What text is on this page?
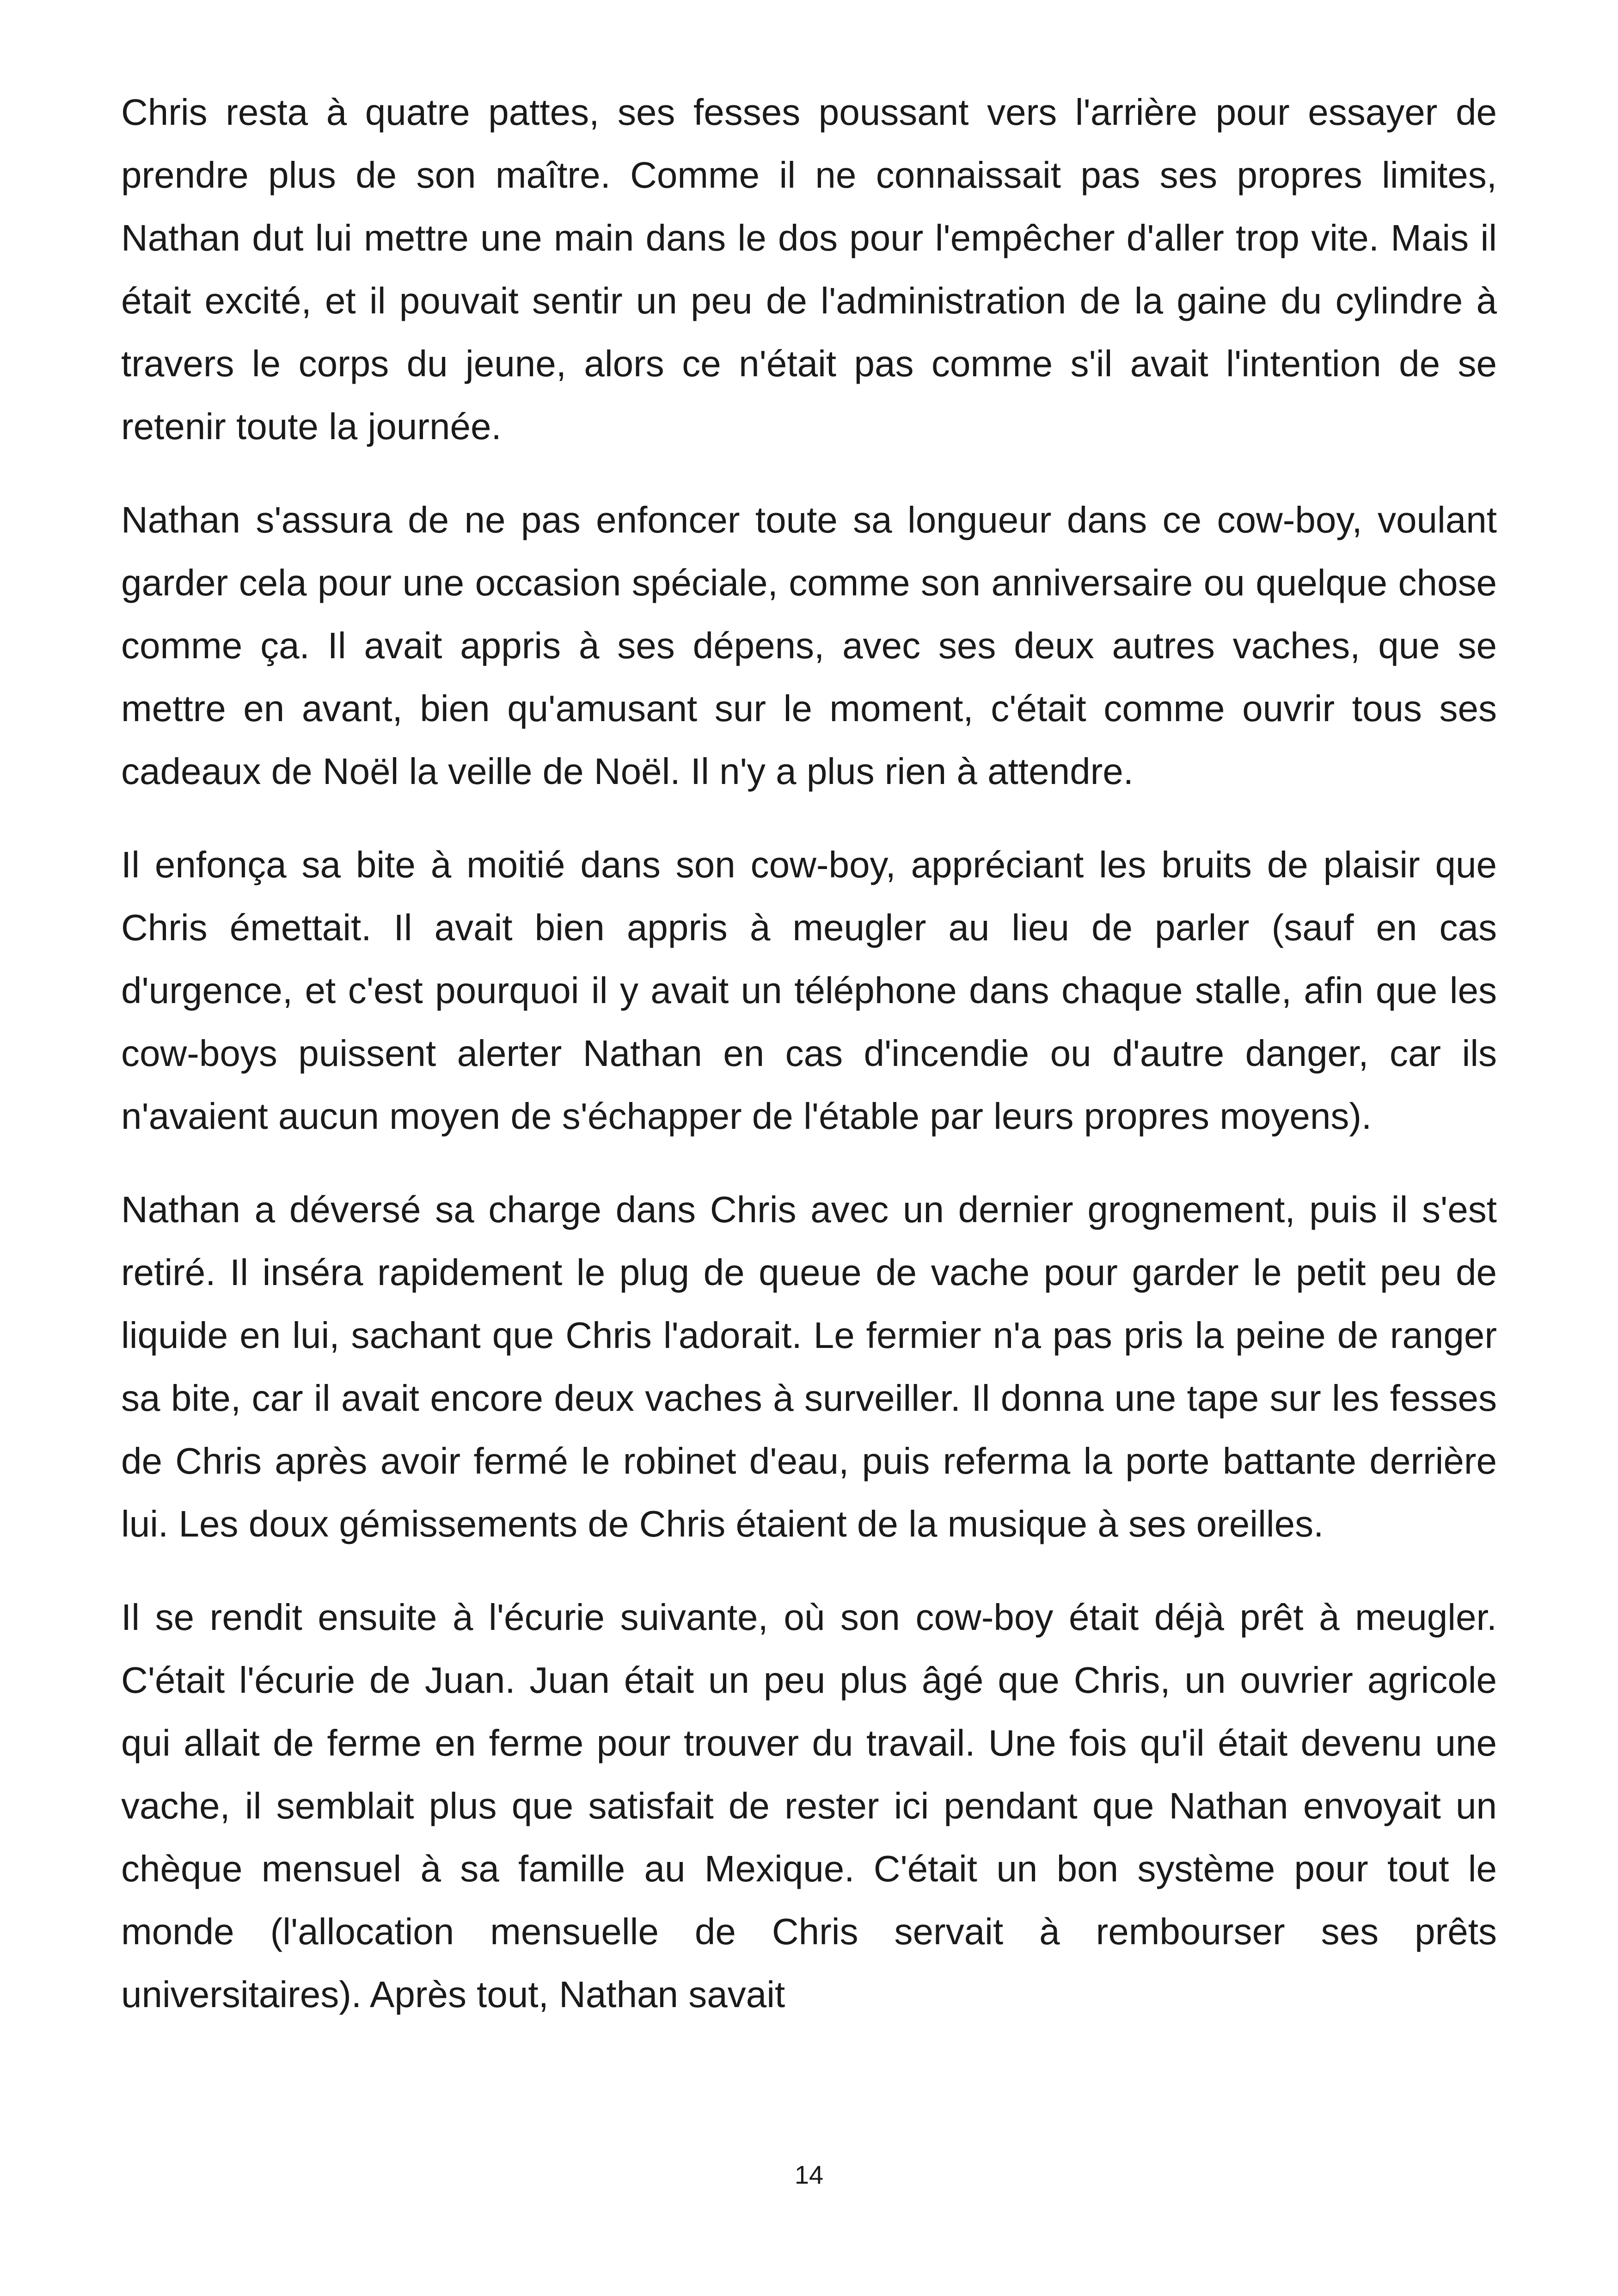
Chris resta à quatre pattes, ses fesses poussant vers l'arrière pour essayer de prendre plus de son maître. Comme il ne connaissait pas ses propres limites, Nathan dut lui mettre une main dans le dos pour l'empêcher d'aller trop vite. Mais il était excité, et il pouvait sentir un peu de l'administration de la gaine du cylindre à travers le corps du jeune, alors ce n'était pas comme s'il avait l'intention de se retenir toute la journée.

Nathan s'assura de ne pas enfoncer toute sa longueur dans ce cow-boy, voulant garder cela pour une occasion spéciale, comme son anniversaire ou quelque chose comme ça. Il avait appris à ses dépens, avec ses deux autres vaches, que se mettre en avant, bien qu'amusant sur le moment, c'était comme ouvrir tous ses cadeaux de Noël la veille de Noël. Il n'y a plus rien à attendre.

Il enfonça sa bite à moitié dans son cow-boy, appréciant les bruits de plaisir que Chris émettait. Il avait bien appris à meugler au lieu de parler (sauf en cas d'urgence, et c'est pourquoi il y avait un téléphone dans chaque stalle, afin que les cow-boys puissent alerter Nathan en cas d'incendie ou d'autre danger, car ils n'avaient aucun moyen de s'échapper de l'étable par leurs propres moyens).

Nathan a déversé sa charge dans Chris avec un dernier grognement, puis il s'est retiré. Il inséra rapidement le plug de queue de vache pour garder le petit peu de liquide en lui, sachant que Chris l'adorait. Le fermier n'a pas pris la peine de ranger sa bite, car il avait encore deux vaches à surveiller. Il donna une tape sur les fesses de Chris après avoir fermé le robinet d'eau, puis referma la porte battante derrière lui. Les doux gémissements de Chris étaient de la musique à ses oreilles.

Il se rendit ensuite à l'écurie suivante, où son cow-boy était déjà prêt à meugler. C'était l'écurie de Juan. Juan était un peu plus âgé que Chris, un ouvrier agricole qui allait de ferme en ferme pour trouver du travail. Une fois qu'il était devenu une vache, il semblait plus que satisfait de rester ici pendant que Nathan envoyait un chèque mensuel à sa famille au Mexique. C'était un bon système pour tout le monde (l'allocation mensuelle de Chris servait à rembourser ses prêts universitaires). Après tout, Nathan savait

14
